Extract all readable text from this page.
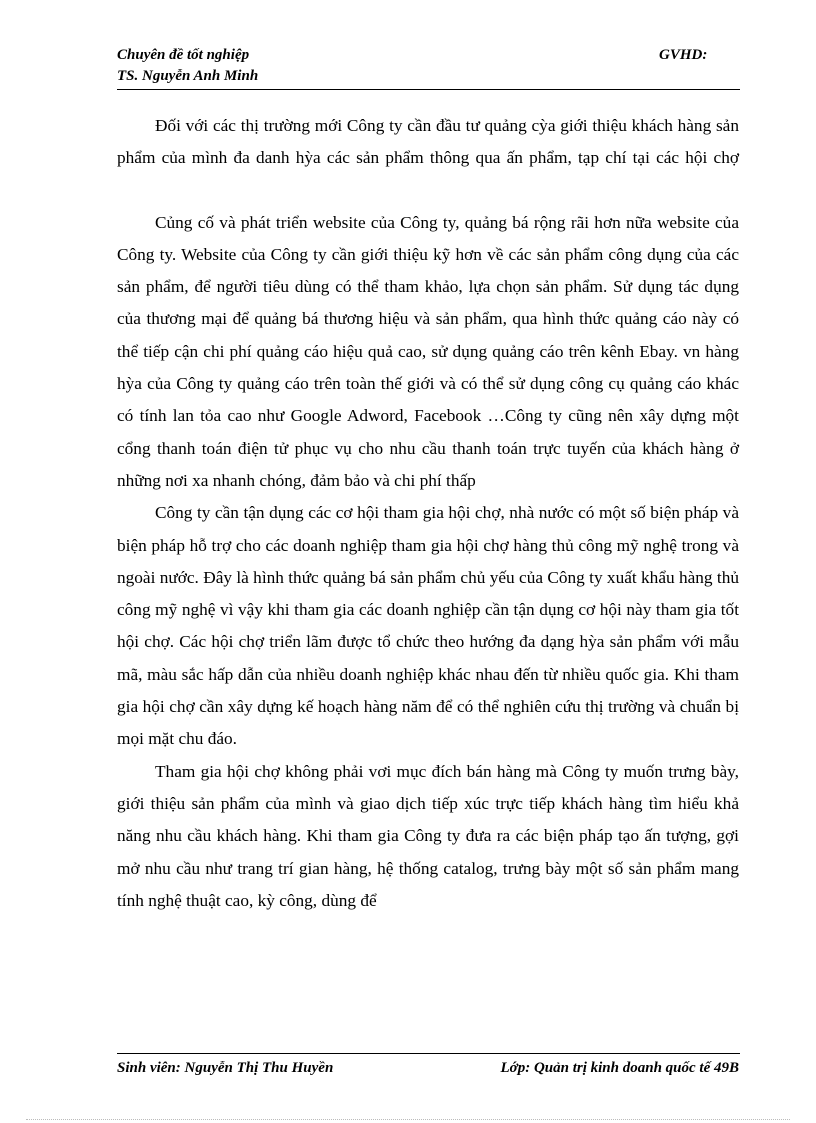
Chuyên đề tốt nghiệp	GVHD:
TS. Nguyễn Anh Minh

Đối với các thị trường mới Công ty cần đầu tư quảng cỳa giới thiệu khách hàng sản phẩm của mình đa danh hỳa các sản phẩm thông qua ấn phẩm, tạp chí tại các hội chợ

Củng cố và phát triển website của Công ty, quảng bá rộng rãi hơn nữa website của Công ty. Website của Công ty cần giới thiệu kỹ hơn về các sản phẩm công dụng của các sản phẩm, để người tiêu dùng có thể tham khảo, lựa chọn sản phẩm. Sử dụng tác dụng của thương mại để quảng bá thương hiệu và sản phẩm, qua hình thức quảng cáo này có thể tiếp cận chi phí quảng cáo hiệu quả cao, sử dụng quảng cáo trên kênh Ebay. vn hàng hỳa của Công ty quảng cáo trên toàn thế giới và có thể sử dụng công cụ quảng cáo khác có tính lan tỏa cao như Google Adword, Facebook …Công ty cũng nên xây dựng một cổng thanh toán điện tử phục vụ cho nhu cầu thanh toán trực tuyến của khách hàng ở những nơi xa nhanh chóng, đảm bảo và chi phí thấp

Công ty cần tận dụng các cơ hội tham gia hội chợ, nhà nước có một số biện pháp và biện pháp hỗ trợ cho các doanh nghiệp tham gia hội chợ hàng thủ công mỹ nghệ trong và ngoài nước. Đây là hình thức quảng bá sản phẩm chủ yếu của Công ty xuất khẩu hàng thủ công mỹ nghệ vì vậy khi tham gia các doanh nghiệp cần tận dụng cơ hội này tham gia tốt hội chợ. Các hội chợ triển lãm được tổ chức theo hướng đa dạng hỳa sản phẩm với mẫu mã, màu sắc hấp dẫn của nhiều doanh nghiệp khác nhau đến từ nhiều quốc gia. Khi tham gia hội chợ cần xây dựng kế hoạch hàng năm để có thể nghiên cứu thị trường và chuẩn bị mọi mặt chu đáo.

Tham gia hội chợ không phải vơi mục đích bán hàng mà Công ty muốn trưng bày, giới thiệu sản phẩm của mình và giao dịch tiếp xúc trực tiếp khách hàng tìm hiểu khả năng nhu cầu khách hàng. Khi tham gia Công ty đưa ra các biện pháp tạo ấn tượng, gợi mở nhu cầu như trang trí gian hàng, hệ thống catalog, trưng bày một số sản phẩm mang tính nghệ thuật cao, kỳ công, dùng để

Sinh viên: Nguyễn Thị Thu Huyền	Lớp: Quản trị kinh doanh quốc tế 49B
